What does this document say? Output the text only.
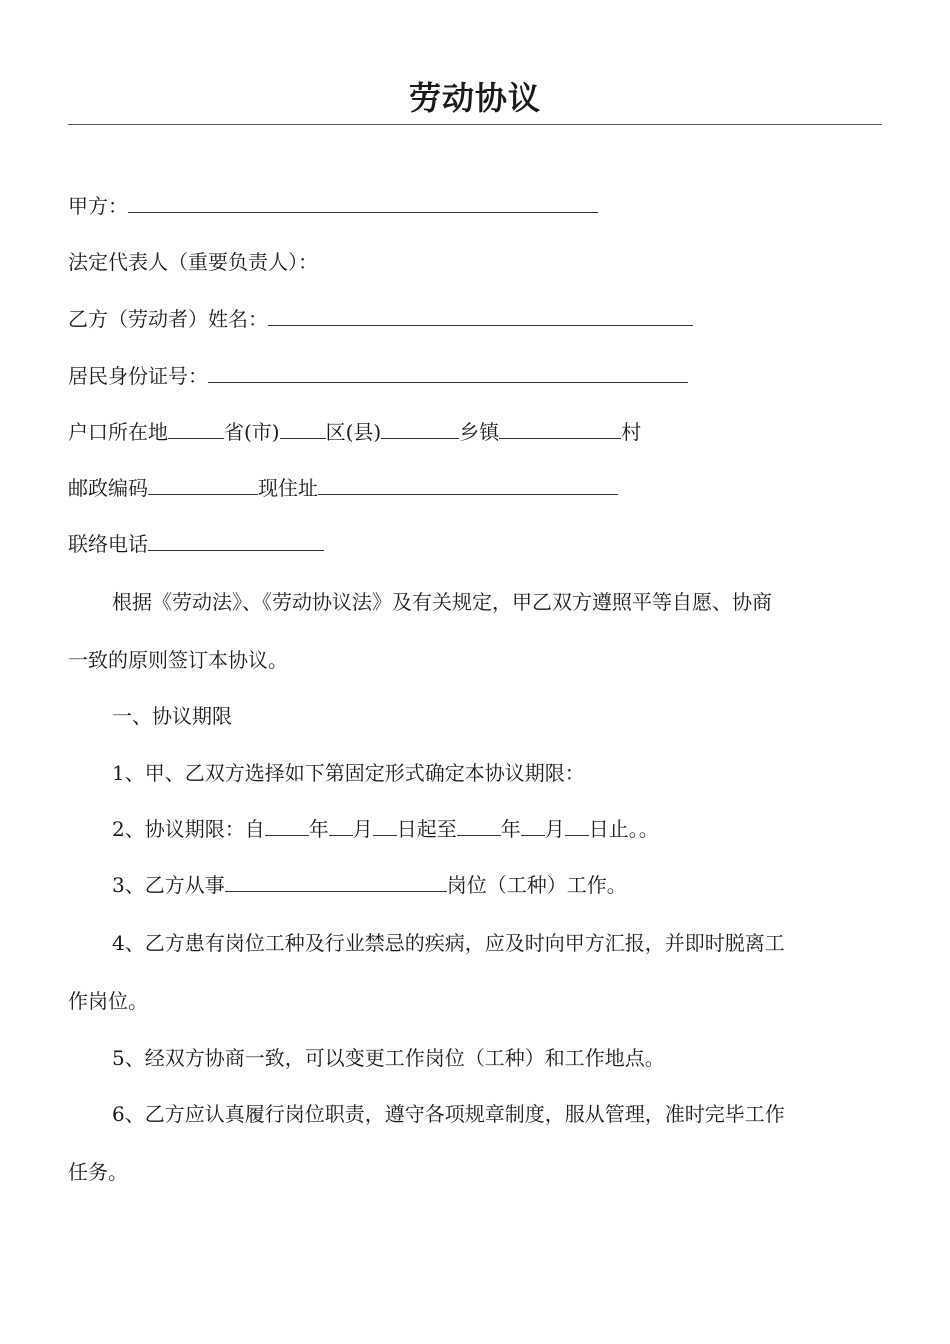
劳动协议
甲方：
法定代表人（重要负责人）：
乙方（劳动者）姓名：
居民身份证号：
户口所在地	省(市) 区(县)	乡镇	村
邮政编码	现住址
联络电话
根据《劳动法》、《劳动协议法》及有关规定，甲乙双方遵照平等自愿、协商
一致的原则签订本协议。
一、协议期限
1、甲、乙双方选择如下第固定形式确定本协议期限：
2、协议期限：自 年 月 日起至 年 月 日止。。
3、乙方从事	岗位（工种）工作。
4、乙方患有岗位工种及行业禁忌的疾病，应及时向甲方汇报，并即时脱离工
作岗位。
5、经双方协商一致，可以变更工作岗位（工种）和工作地点。
6、乙方应认真履行岗位职责，遵守各项规章制度，服从管理，准时完毕工作
任务。
